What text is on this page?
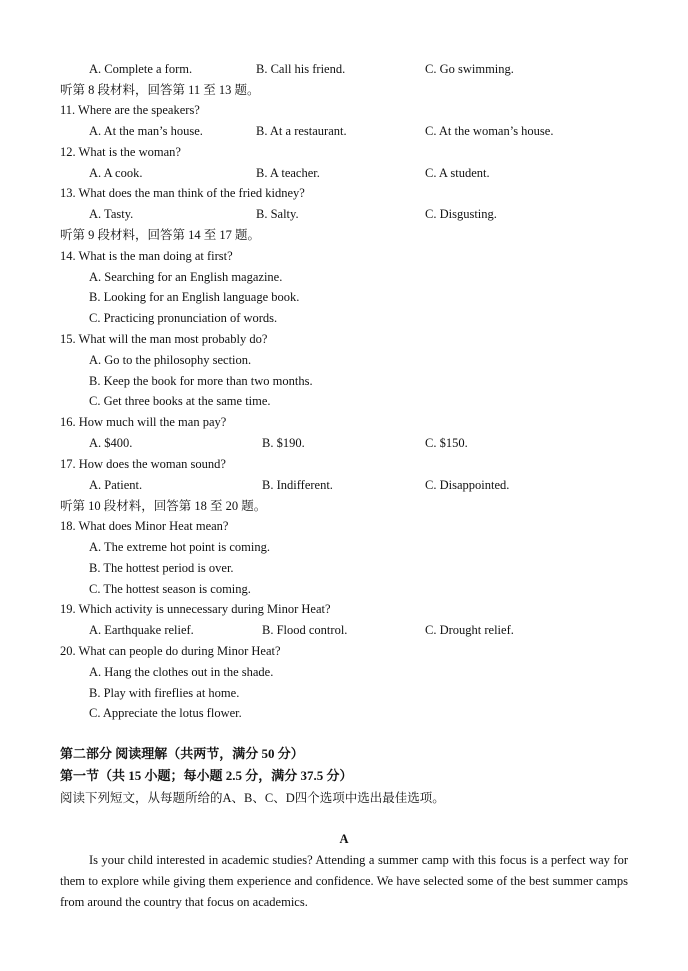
A. Complete a form.	B. Call his friend.	C. Go swimming.
听第 8 段材料，回答第 11 至 13 题。
11. Where are the speakers?
A. At the man’s house.	B. At a restaurant.	C. At the woman’s house.
12. What is the woman?
A. A cook.	B. A teacher.	C. A student.
13. What does the man think of the fried kidney?
A. Tasty.	B. Salty.	C. Disgusting.
听第 9 段材料，回答第 14 至 17 题。
14. What is the man doing at first?
A. Searching for an English magazine.
B. Looking for an English language book.
C. Practicing pronunciation of words.
15. What will the man most probably do?
A. Go to the philosophy section.
B. Keep the book for more than two months.
C. Get three books at the same time.
16. How much will the man pay?
A. $400.	B. $190.	C. $150.
17. How does the woman sound?
A. Patient.	B. Indifferent.	C. Disappointed.
听第 10 段材料，回答第 18 至 20 题。
18. What does Minor Heat mean?
A. The extreme hot point is coming.
B. The hottest period is over.
C. The hottest season is coming.
19. Which activity is unnecessary during Minor Heat?
A. Earthquake relief.	B. Flood control.	C. Drought relief.
20. What can people do during Minor Heat?
A. Hang the clothes out in the shade.
B. Play with fireflies at home.
C. Appreciate the lotus flower.
第二部分 阅读理解（共两节，满分 50 分）
第一节（共 15 小题；每小题 2.5 分，满分 37.5 分）
阅读下列短文，从每题所给的A、B、C、D四个选项中选出最佳选项。
A
Is your child interested in academic studies? Attending a summer camp with this focus is a perfect way for them to explore while giving them experience and confidence. We have selected some of the best summer camps from around the country that focus on academics.
